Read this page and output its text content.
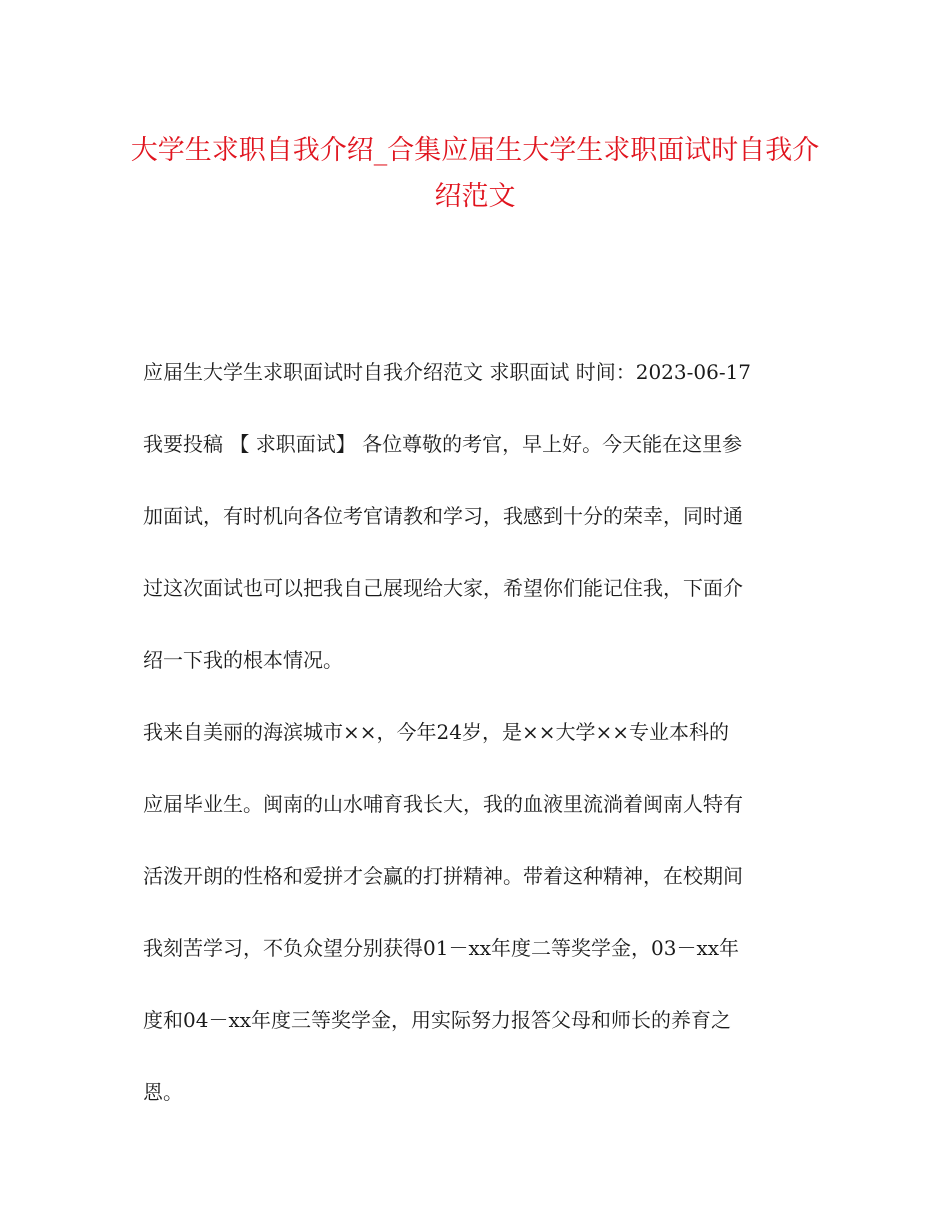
大学生求职自我介绍_合集应届生大学生求职面试时自我介绍范文
应届生大学生求职面试时自我介绍范文 求职面试 时间：2023-06-17
我要投稿 【 求职面试】 各位尊敬的考官，早上好。今天能在这里参
加面试，有时机向各位考官请教和学习，我感到十分的荣幸，同时通
过这次面试也可以把我自己展现给大家，希望你们能记住我，下面介
绍一下我的根本情况。
我来自美丽的海滨城市××，今年24岁，是××大学××专业本科的
应届毕业生。闽南的山水哺育我长大，我的血液里流淌着闽南人特有
活泼开朗的性格和爱拼才会赢的打拼精神。带着这种精神，在校期间
我刻苦学习，不负众望分别获得01－xx年度二等奖学金，03－xx年
度和04－xx年度三等奖学金，用实际努力报答父母和师长的养育之
恩。
